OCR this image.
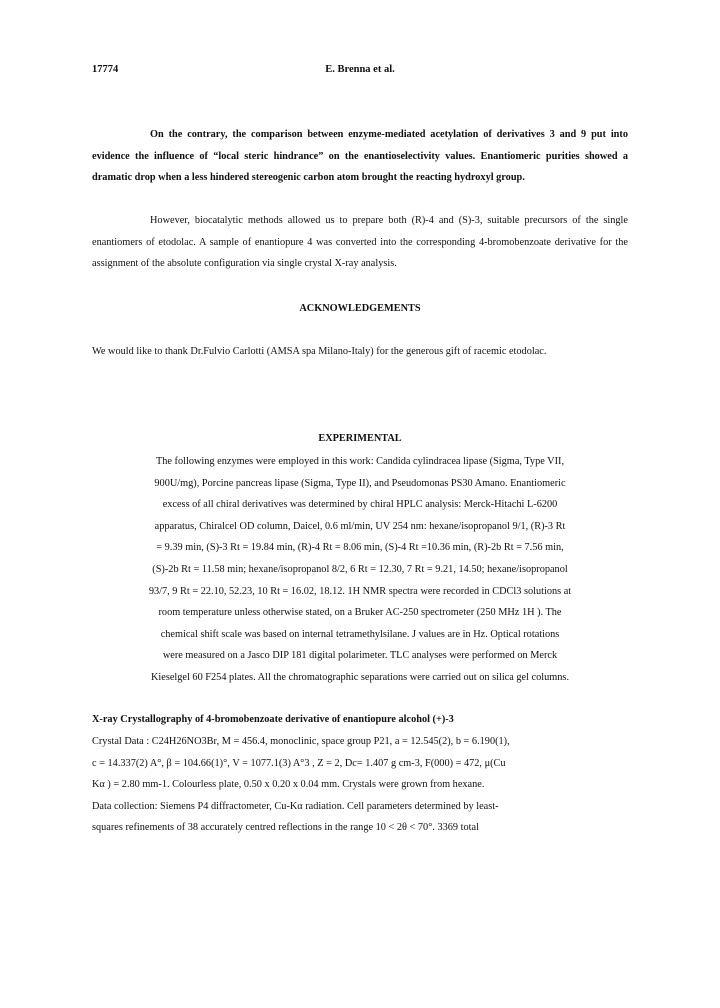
17774	E. Brenna et al.
On the contrary, the comparison between enzyme-mediated acetylation of derivatives 3 and 9 put into evidence the influence of “local steric hindrance” on the enantioselectivity values. Enantiomeric purities showed a dramatic drop when a less hindered stereogenic carbon atom brought the reacting hydroxyl group.
However, biocatalytic methods allowed us to prepare both (R)-4 and (S)-3, suitable precursors of the single enantiomers of etodolac. A sample of enantiopure 4 was converted into the corresponding 4-bromobenzoate derivative for the assignment of the absolute configuration via single crystal X-ray analysis.
ACKNOWLEDGEMENTS
We would like to thank Dr.Fulvio Carlotti (AMSA spa Milano-Italy) for the generous gift of racemic etodolac.
EXPERIMENTAL
The following enzymes were employed in this work: Candida cylindracea lipase (Sigma, Type VII,
900U/mg), Porcine pancreas lipase (Sigma, Type II), and Pseudomonas PS30 Amano. Enantiomeric
excess of all chiral derivatives was determined by chiral HPLC analysis: Merck-Hitachi L-6200
apparatus, Chiralcel OD column, Daicel, 0.6 ml/min, UV 254 nm: hexane/isopropanol 9/1, (R)-3 Rt
= 9.39 min, (S)-3 Rt = 19.84 min, (R)-4 Rt = 8.06 min, (S)-4 Rt =10.36 min, (R)-2b Rt = 7.56 min,
(S)-2b Rt = 11.58 min; hexane/isopropanol 8/2, 6 Rt = 12.30, 7 Rt = 9.21, 14.50; hexane/isopropanol
93/7, 9 Rt = 22.10, 52.23, 10 Rt = 16.02, 18.12. 1H NMR spectra were recorded in CDCl3 solutions at
room temperature unless otherwise stated, on a Bruker AC-250 spectrometer (250 MHz 1H ). The
chemical shift scale was based on internal tetramethylsilane. J values are in Hz. Optical rotations
were measured on a Jasco DIP 181 digital polarimeter. TLC analyses were performed on Merck
Kieselgel 60 F254 plates. All the chromatographic separations were carried out on silica gel columns.
X-ray Crystallography of 4-bromobenzoate derivative of enantiopure alcohol (+)-3
Crystal Data : C24H26NO3Br, M = 456.4, monoclinic, space group P21, a = 12.545(2), b = 6.190(1),
c = 14.337(2) A°, β = 104.66(1)°, V = 1077.1(3) A°3 , Z = 2, Dc= 1.407 g cm-3, F(000) = 472, μ(Cu
Kα ) = 2.80 mm-1. Colourless plate, 0.50 x 0.20 x 0.04 mm. Crystals were grown from hexane.
Data collection: Siemens P4 diffractometer, Cu-Kα radiation. Cell parameters determined by least-
squares refinements of 38 accurately centred reflections in the range 10 < 2θ < 70°. 3369 total
